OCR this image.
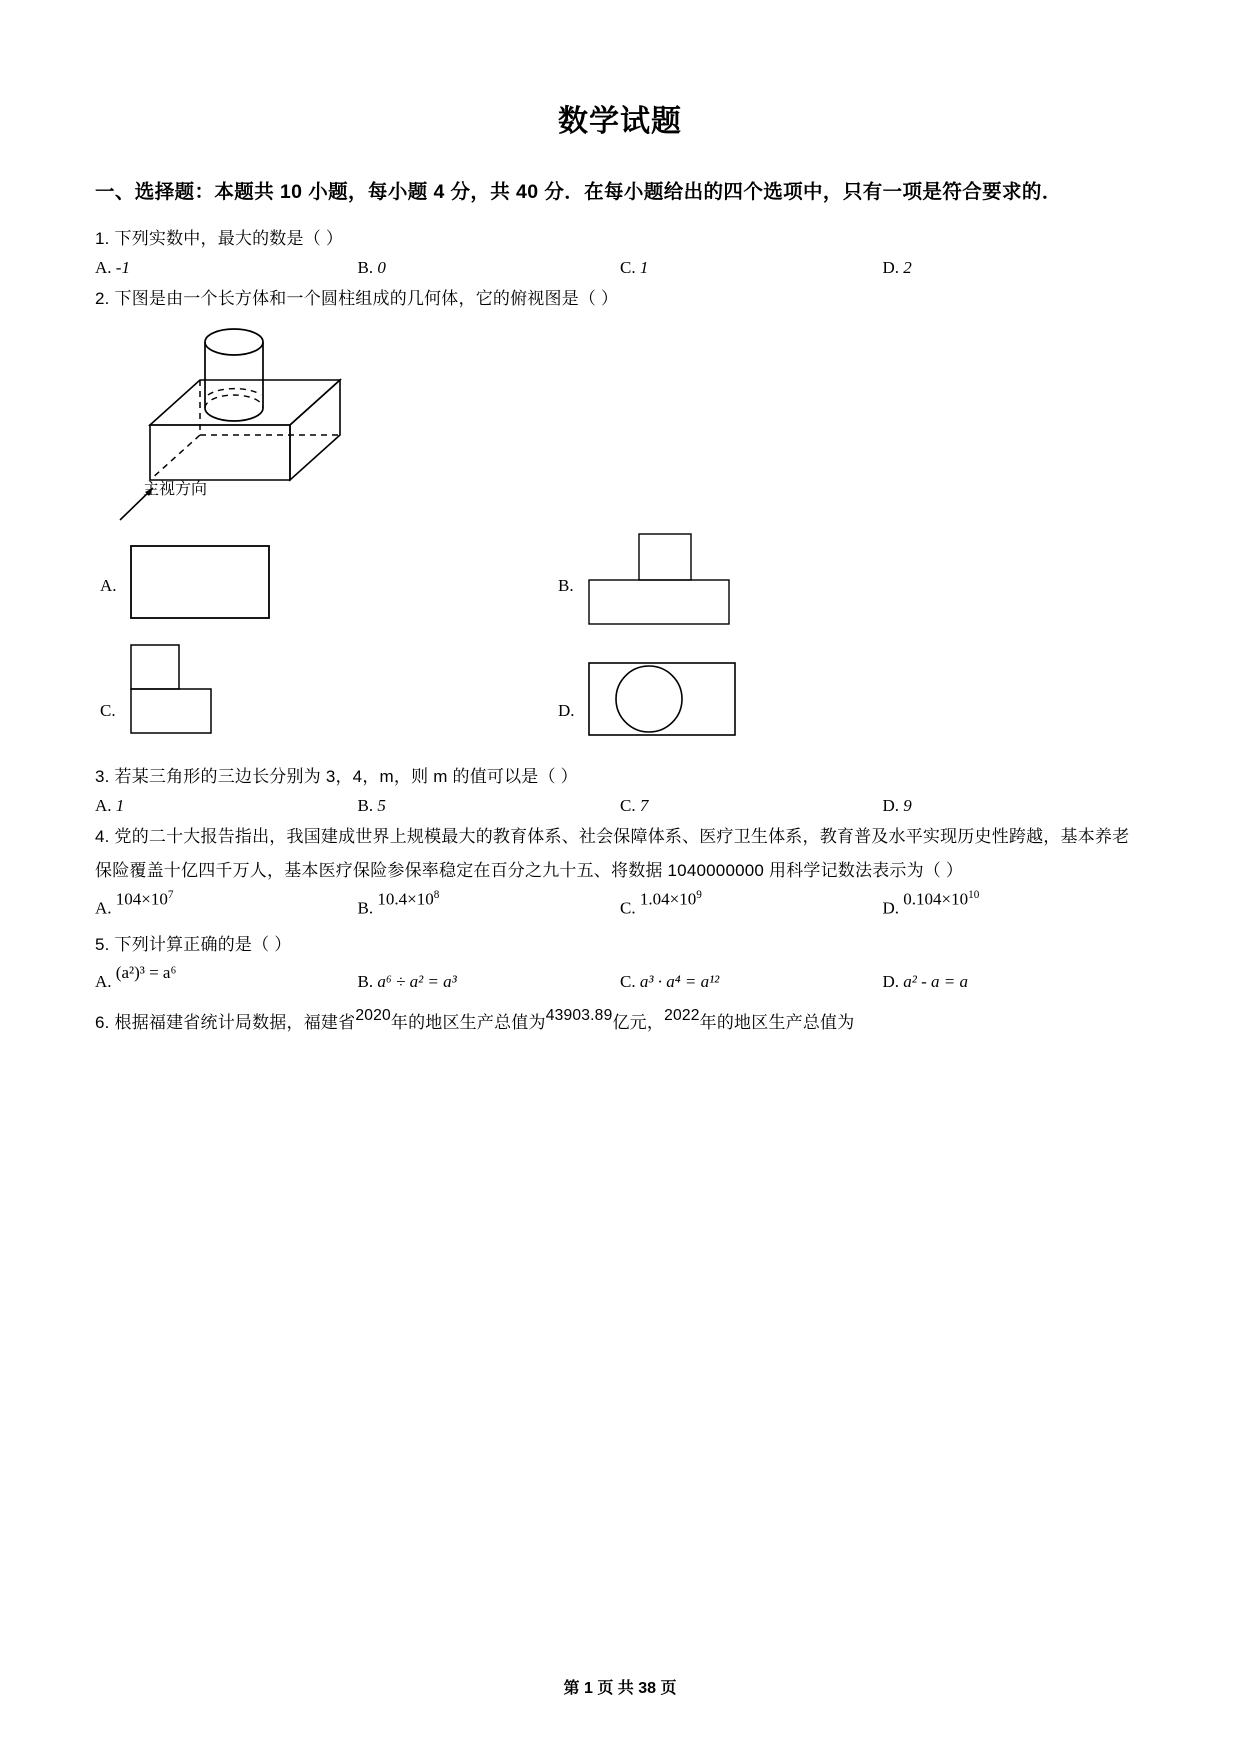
数学试题
一、选择题：本题共 10 小题，每小题 4 分，共 40 分．在每小题给出的四个选项中，只有一项是符合要求的．
1. 下列实数中，最大的数是（ ）
A. -1	B. 0	C. 1	D. 2
2. 下图是由一个长方体和一个圆柱组成的几何体，它的俯视图是（ ）
主视方向
A.	B.
C.	D.
3. 若某三角形的三边长分别为 3，4，m，则 m 的值可以是（ ）
A. 1	B. 5	C. 7	D. 9
4. 党的二十大报告指出，我国建成世界上规模最大的教育体系、社会保障体系、医疗卫生体系，教育普及水平实现历史性跨越，基本养老保险覆盖十亿四千万人，基本医疗保险参保率稳定在百分之九十五、将数据 1040000000 用科学记数法表示为（ ）
A. $104\times 10^7$
B. $10.4\times 10^8$
C. $1.04\times 10^9$
D. $0.104\times 10^{10}$
5. 下列计算正确的是（ ）
A. (a²)³ = a⁶	B. a⁶ ÷ a² = a³	C. a³ · a⁴ = a¹²	D. a² - a = a
6. 根据福建省统计局数据，福建省2020年的地区生产总值为43903.89亿元，2022年的地区生产总值为
第 1 页 共 38 页
